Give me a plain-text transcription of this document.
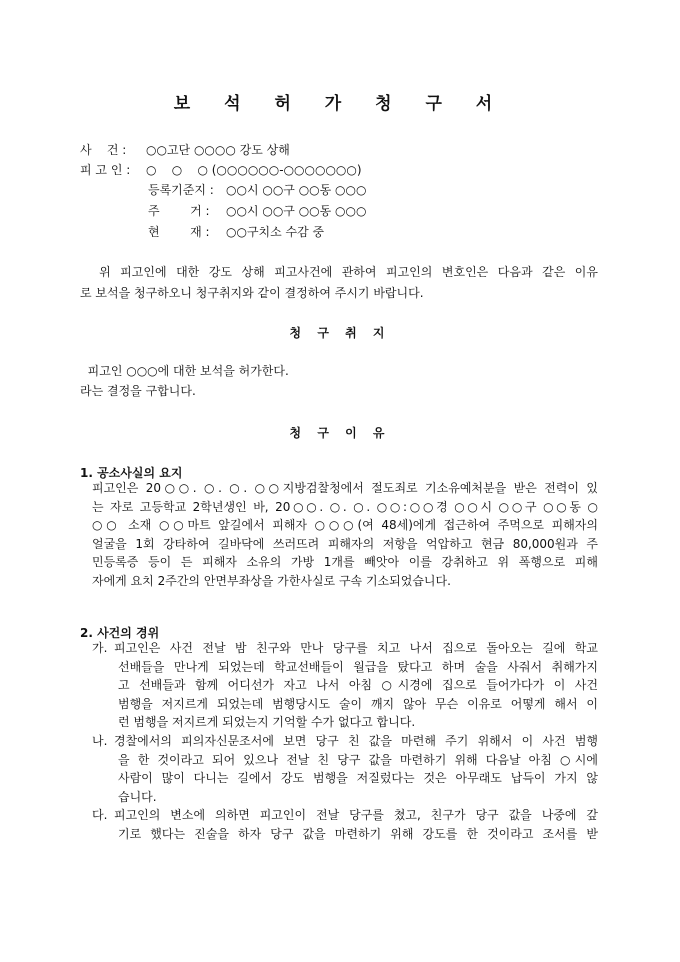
보 석 허 가 청 구 서
사    건 : ○○고단 ○○○○ 강도 상해
피 고 인 : ○    ○    ○ (○○○○○○-○○○○○○○)
등록기준지 : ○○시 ○○구 ○○동 ○○○
주        거 : ○○시 ○○구 ○○동 ○○○
현        재 : ○○구치소 수감 중
위 피고인에 대한 강도 상해 피고사건에 관하여 피고인의 변호인은 다음과 같은 이유
로 보석을 청구하오니 청구취지와 같이 결정하여 주시기 바랍니다.
청 구 취 지
피고인 ○○○에 대한 보석을 허가한다.
라는 결정을 구합니다.
청 구 이 유
1. 공소사실의 요지
피고인은 20○○. ○. ○. ○○지방검찰청에서 절도죄로 기소유예처분을 받은 전력이 있
는 자로 고등학교 2학년생인 바, 20○○. ○. ○. ○○:○○경 ○○시 ○○구 ○○동 ○
○○ 소재 ○○마트 앞길에서 피해자 ○○○(여 48세)에게 접근하여 주먹으로 피해자의
얼굴을 1회 강타하여 길바닥에 쓰러뜨려 피해자의 저항을 억압하고 현금 80,000원과 주
민등록증 등이 든 피해자 소유의 가방 1개를 빼앗아 이를 강취하고 위 폭행으로 피해
자에게 요치 2주간의 안면부좌상을 가한사실로 구속 기소되었습니다.
2. 사건의 경위
가. 피고인은 사건 전날 밤 친구와 만나 당구를 치고 나서 집으로 돌아오는 길에 학교
선배들을 만나게 되었는데 학교선배들이 월급을 탔다고 하며 술을 사줘서 취해가지
고 선배들과 함께 어디선가 자고 나서 아침 ○시경에 집으로 들어가다가 이 사건
범행을 저지르게 되었는데 범행당시도 술이 깨지 않아 무슨 이유로 어떻게 해서 이
런 범행을 저지르게 되었는지 기억할 수가 없다고 합니다.
나. 경찰에서의 피의자신문조서에 보면 당구 친 값을 마련해 주기 위해서 이 사건 범행
을 한 것이라고 되어 있으나 전날 친 당구 값을 마련하기 위해 다음날 아침 ○시에
사람이 많이 다니는 길에서 강도 범행을 저질렀다는 것은 아무래도 납득이 가지 않
습니다.
다. 피고인의 변소에 의하면 피고인이 전날 당구를 쳤고, 친구가 당구 값을 나중에 갚
기로 했다는 진술을 하자 당구 값을 마련하기 위해 강도를 한 것이라고 조서를 받
